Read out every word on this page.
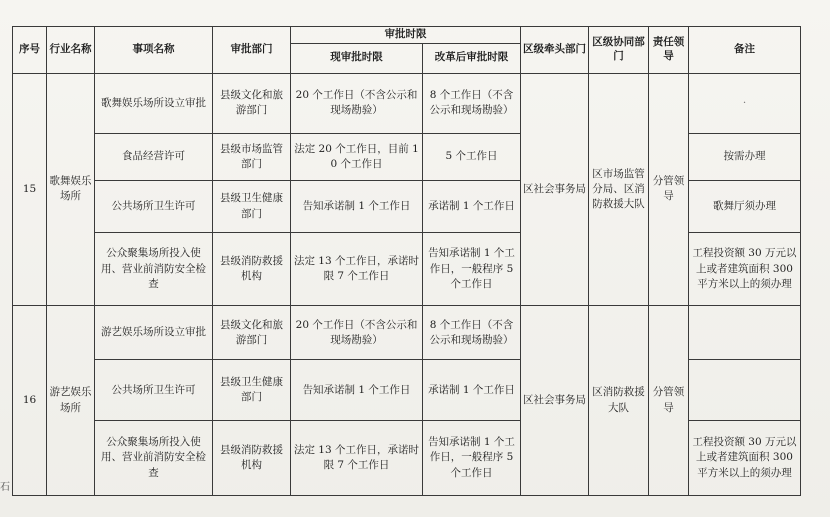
序号	行业名称	事项名称	审批部门	审批时限		区级牵头部门	区级协同部门	责任领导	备注
				现审批时限	改革后审批时限				
15	歌舞娱乐场所	歌舞娱乐场所设立审批	县级文化和旅游部门	20 个工作日（不含公示和现场勘验）	8 个工作日（不含公示和现场勘验）	区社会事务局	区市场监管分局、区消防救援大队	分管领导	·
		食品经营许可	县级市场监管部门	法定 20 个工作日，目前 10 个工作日	5 个工作日				按需办理
		公共场所卫生许可	县级卫生健康部门	告知承诺制 1 个工作日	承诺制 1 个工作日				歌舞厅须办理
		公众聚集场所投入使用、营业前消防安全检查	县级消防救援机构	法定 13 个工作日，承诺时限 7 个工作日	告知承诺制 1 个工作日，一般程序 5 个工作日				工程投资额 30 万元以上或者建筑面积 300 平方米以上的须办理
16	游艺娱乐场所	游艺娱乐场所设立审批	县级文化和旅游部门	20 个工作日（不含公示和现场勘验）	8 个工作日（不含公示和现场勘验）	区社会事务局	区消防救援大队	分管领导	
		公共场所卫生许可	县级卫生健康部门	告知承诺制 1 个工作日	承诺制 1 个工作日				
		公众聚集场所投入使用、营业前消防安全检查	县级消防救援机构	法定 13 个工作日，承诺时限 7 个工作日	告知承诺制 1 个工作日，一般程序 5 个工作日				工程投资额 30 万元以上或者建筑面积 300 平方米以上的须办理
石
